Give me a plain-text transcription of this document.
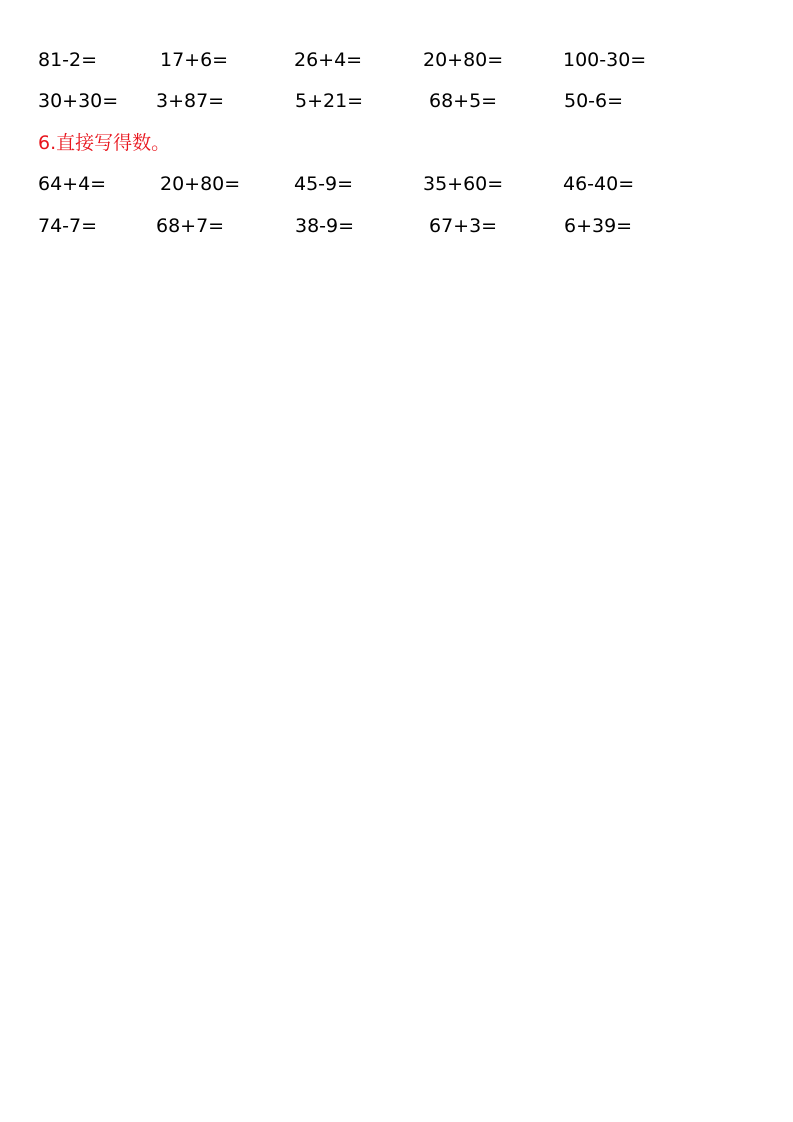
81-2=	17+6=	26+4=	20+80=	100-30=
30+30= 3+87=	5+21=	68+5=	50-6=
6.直接写得数。
64+4=	20+80=	45-9=	35+60=	46-40=
74-7=	68+7=	38-9=	67+3=	6+39=
